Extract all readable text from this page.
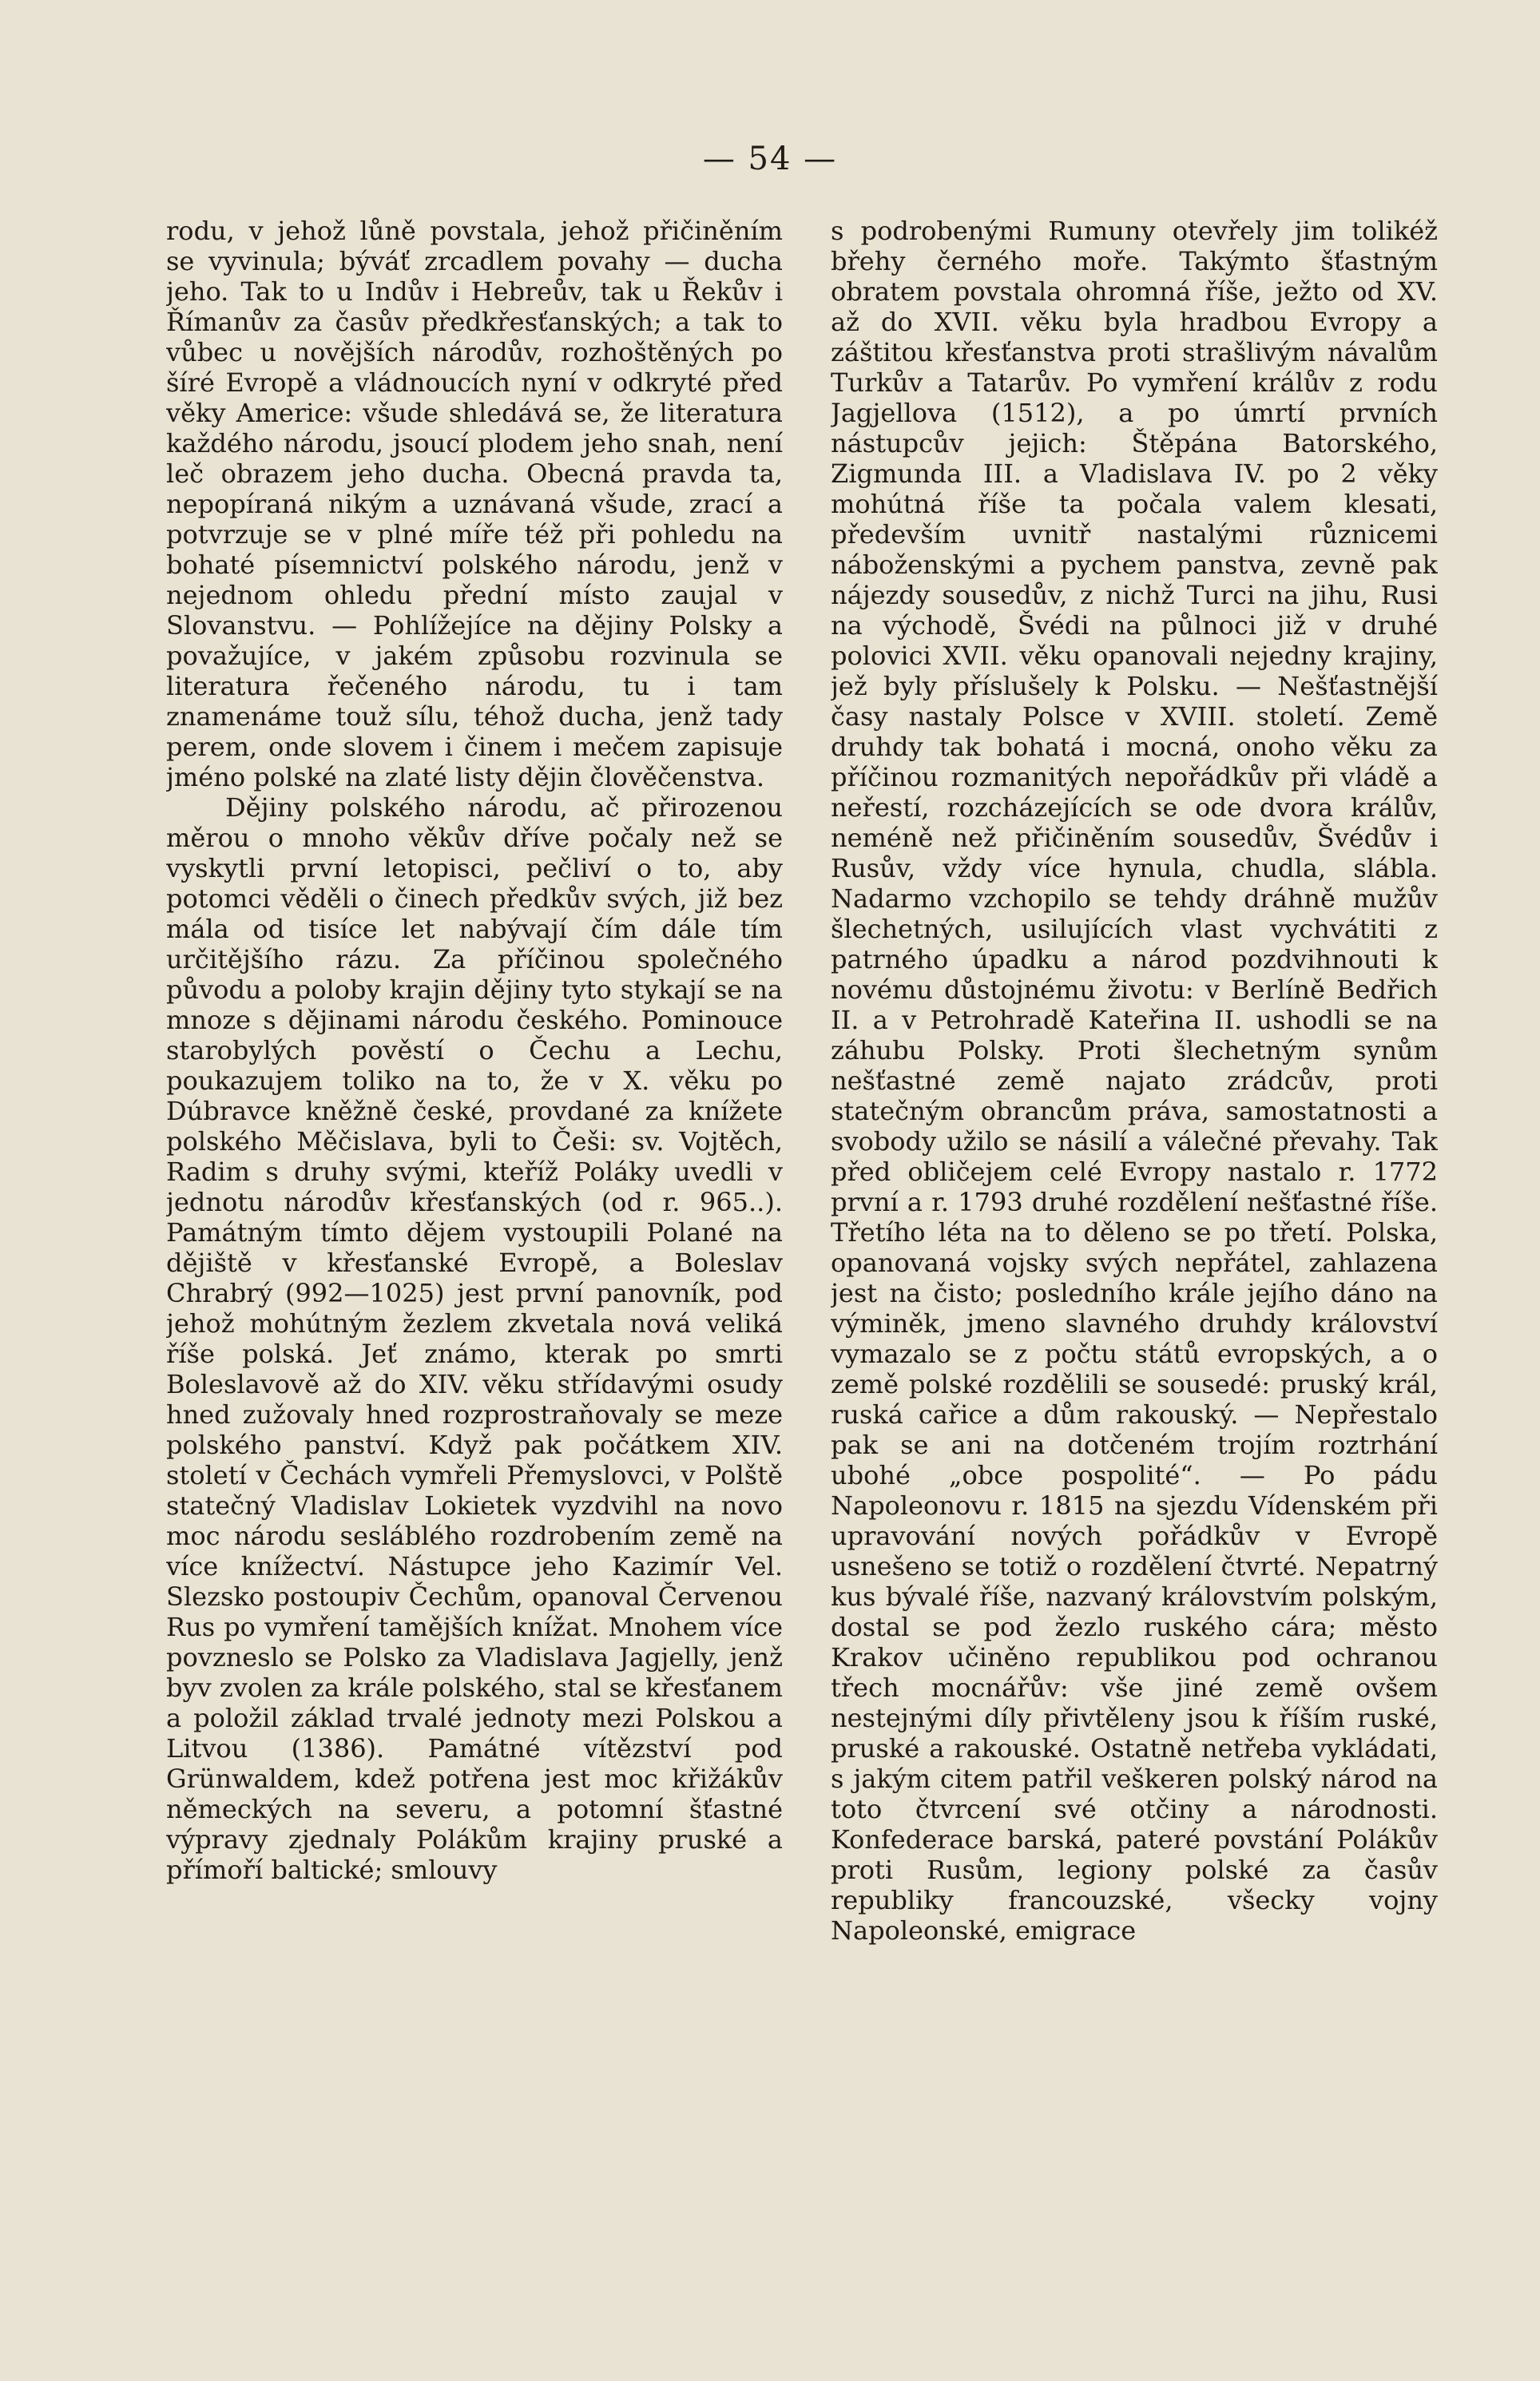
— 54 —

rodu, v jehož lůně povstala, jehož přičiněním se vyvinula; býváť zrcadlem povahy — ducha jeho. Tak to u Indův i Hebreův, tak u Řekův i Římanův za časův předkřesťanských; a tak to vůbec u novějších národův, rozhoštěných po šíré Evropě a vládnoucích nyní v odkryté před věky Americe: všude shledává se, že literatura každého národu, jsoucí plodem jeho snah, není leč obrazem jeho ducha. Obecná pravda ta, nepopíraná nikým a uznávaná všude, zrací a potvrzuje se v plné míře též při pohledu na bohaté písemnictví polského národu, jenž v nejednom ohledu přední místo zaujal v Slovanstvu. — Pohlížejíce na dějiny Polsky a považujíce, v jakém způsobu rozvinula se literatura řečeného národu, tu i tam znamenáme touž sílu, téhož ducha, jenž tady perem, onde slovem i činem i mečem zapisuje jméno polské na zlaté listy dějin člověčenstva.

Dějiny polského národu, ač přirozenou měrou o mnoho věkův dříve počaly než se vyskytli první letopisci, pečliví o to, aby potomci věděli o činech předkův svých, již bez mála od tisíce let nabývají čím dále tím určitějšího rázu. Za příčinou společného původu a poloby krajin dějiny tyto stykají se na mnoze s dějinami národu českého. Pominouce starobylých pověstí o Čechu a Lechu, poukazujem toliko na to, že v X. věku po Dúbravce kněžně české, provdané za knížete polského Měčislava, byli to Češi: sv. Vojtěch, Radim s druhy svými, kteříž Poláky uvedli v jednotu národův křesťanských (od r. 965..). Památným tímto dějem vystoupili Polané na dějiště v křesťanské Evropě, a Boleslav Chrabrý (992—1025) jest první panovník, pod jehož mohútným žezlem zkvetala nová veliká říše polská. Jeť známo, kterak po smrti Boleslavově až do XIV. věku střídavými osudy hned zužovaly hned rozprostraňovaly se meze polského panství. Když pak počátkem XIV. století v Čechách vymřeli Přemyslovci, v Polště statečný Vladislav Lokietek vyzdvihl na novo moc národu sesláblého rozdrobením země na více knížectví. Nástupce jeho Kazimír Vel. Slezsko postoupiv Čechům, opanoval Červenou Rus po vymření tamějších knížat. Mnohem více povzneslo se Polsko za Vladislava Jagjelly, jenž byv zvolen za krále polského, stal se křesťanem a položil základ trvalé jednoty mezi Polskou a Litvou (1386). Památné vítězství pod Grünwaldem, kdež potřena jest moc křižákův německých na severu, a potomní šťastné výpravy zjednaly Polákům krajiny pruské a přímoří baltické; smlouvy

s podrobenými Rumuny otevřely jim tolikéž břehy černého moře. Takýmto šťastným obratem povstala ohromná říše, ježto od XV. až do XVII. věku byla hradbou Evropy a záštitou křesťanstva proti strašlivým návalům Turkův a Tatarův. Po vymření králův z rodu Jagjellova (1512), a po úmrtí prvních nástupcův jejich: Štěpána Batorského, Zigmunda III. a Vladislava IV. po 2 věky mohútná říše ta počala valem klesati, především uvnitř nastalými různicemi náboženskými a pychem panstva, zevně pak nájezdy sousedův, z nichž Turci na jihu, Rusi na východě, Švédi na půlnoci již v druhé polovici XVII. věku opanovali nejedny krajiny, jež byly příslušely k Polsku. — Nešťastnější časy nastaly Polsce v XVIII. století. Země druhdy tak bohatá i mocná, onoho věku za příčinou rozmanitých nepořádkův při vládě a neřestí, rozcházejících se ode dvora králův, neméně než přičiněním sousedův, Švédův i Rusův, vždy více hynula, chudla, slábla. Nadarmo vzchopilo se tehdy dráhně mužův šlechetných, usilujících vlast vychvátiti z patrného úpadku a národ pozdvihnouti k novému důstojnému životu: v Berlíně Bedřich II. a v Petrohradě Kateřina II. ushodli se na záhubu Polsky. Proti šlechetným synům nešťastné země najato zrádcův, proti statečným obrancům práva, samostatnosti a svobody užilo se násilí a válečné převahy. Tak před obličejem celé Evropy nastalo r. 1772 první a r. 1793 druhé rozdělení nešťastné říše. Třetího léta na to děleno se po třetí. Polska, opanovaná vojsky svých nepřátel, zahlazena jest na čisto; posledního krále jejího dáno na výminěk, jmeno slavného druhdy království vymazalo se z počtu států evropských, a o země polské rozdělili se sousedé: pruský král, ruská cařice a dům rakouský. — Nepřestalo pak se ani na dotčeném trojím roztrhání ubohé „obce pospolité“. — Po pádu Napoleonovu r. 1815 na sjezdu Vídenském při upravování nových pořádkův v Evropě usnešeno se totiž o rozdělení čtvrté. Nepatrný kus bývalé říše, nazvaný královstvím polským, dostal se pod žezlo ruského cára; město Krakov učiněno republikou pod ochranou třech mocnářův: vše jiné země ovšem nestejnými díly přivtěleny jsou k říším ruské, pruské a rakouské. Ostatně netřeba vykládati, s jakým citem patřil veškeren polský národ na toto čtvrcení své otčiny a národnosti. Konfederace barská, pateré povstání Polákův proti Rusům, legiony polské za časův republiky francouzské, všecky vojny Napoleonské, emigrace
